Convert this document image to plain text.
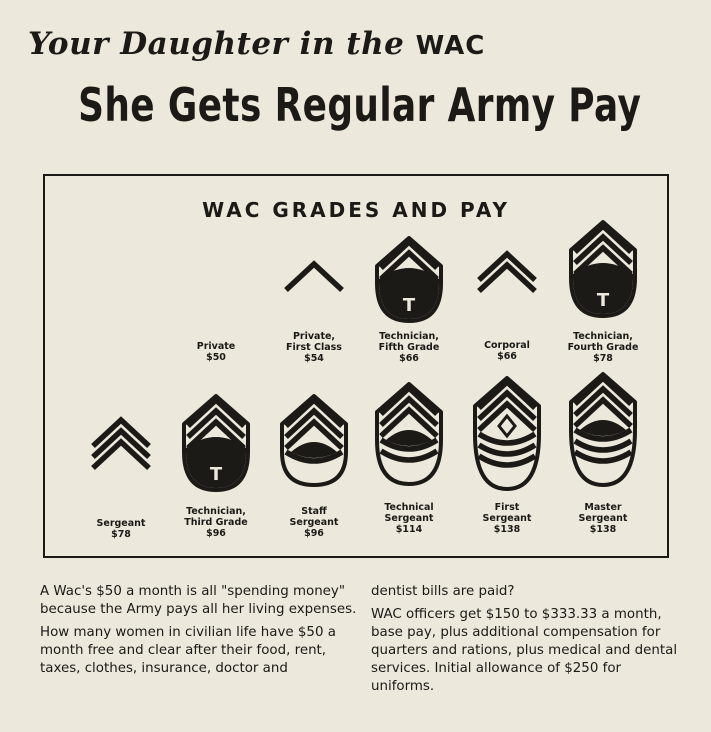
Your Daughter in the WAC
She Gets Regular Army Pay
WAC GRADES AND PAY
Private
$50
Private,
First Class
$54
T
Technician,
Fifth Grade
$66
Corporal
$66
T
Technician,
Fourth Grade
$78
Sergeant
$78
T
Technician,
Third Grade
$96
Staff
Sergeant
$96
Technical
Sergeant
$114
First
Sergeant
$138
Master
Sergeant
$138

A Wac's $50 a month is all "spending money" because the Army pays all her living expenses.

How many women in civilian life have $50 a month free and clear after their food, rent, taxes, clothes, insurance, doctor and

dentist bills are paid?

WAC officers get $150 to $333.33 a month, base pay, plus additional compensation for quarters and rations, plus medical and dental services. Initial allowance of $250 for uniforms.
